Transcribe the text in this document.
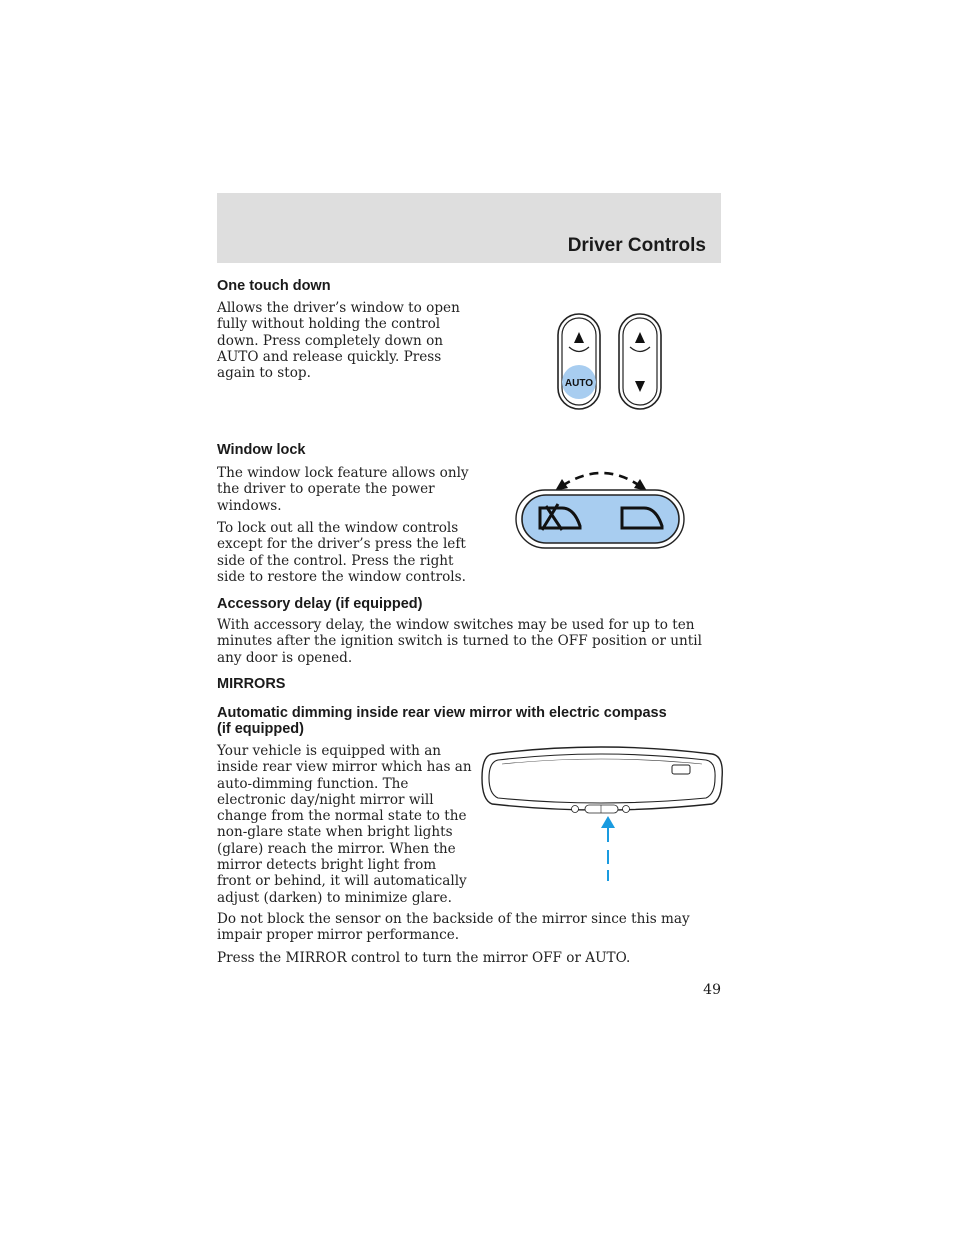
Driver Controls
One touch down
Allows the driver’s window to open
fully without holding the control
down. Press completely down on
AUTO and release quickly. Press
again to stop.
AUTO
Window lock
The window lock feature allows only
the driver to operate the power
windows.
To lock out all the window controls
except for the driver’s press the left
side of the control. Press the right
side to restore the window controls.
Accessory delay (if equipped)
With accessory delay, the window switches may be used for up to ten
minutes after the ignition switch is turned to the OFF position or until
any door is opened.
MIRRORS
Automatic dimming inside rear view mirror with electric compass
(if equipped)
Your vehicle is equipped with an
inside rear view mirror which has an
auto-dimming function. The
electronic day/night mirror will
change from the normal state to the
non-glare state when bright lights
(glare) reach the mirror. When the
mirror detects bright light from
front or behind, it will automatically
adjust (darken) to minimize glare.
Do not block the sensor on the backside of the mirror since this may
impair proper mirror performance.
Press the MIRROR control to turn the mirror OFF or AUTO.
49
